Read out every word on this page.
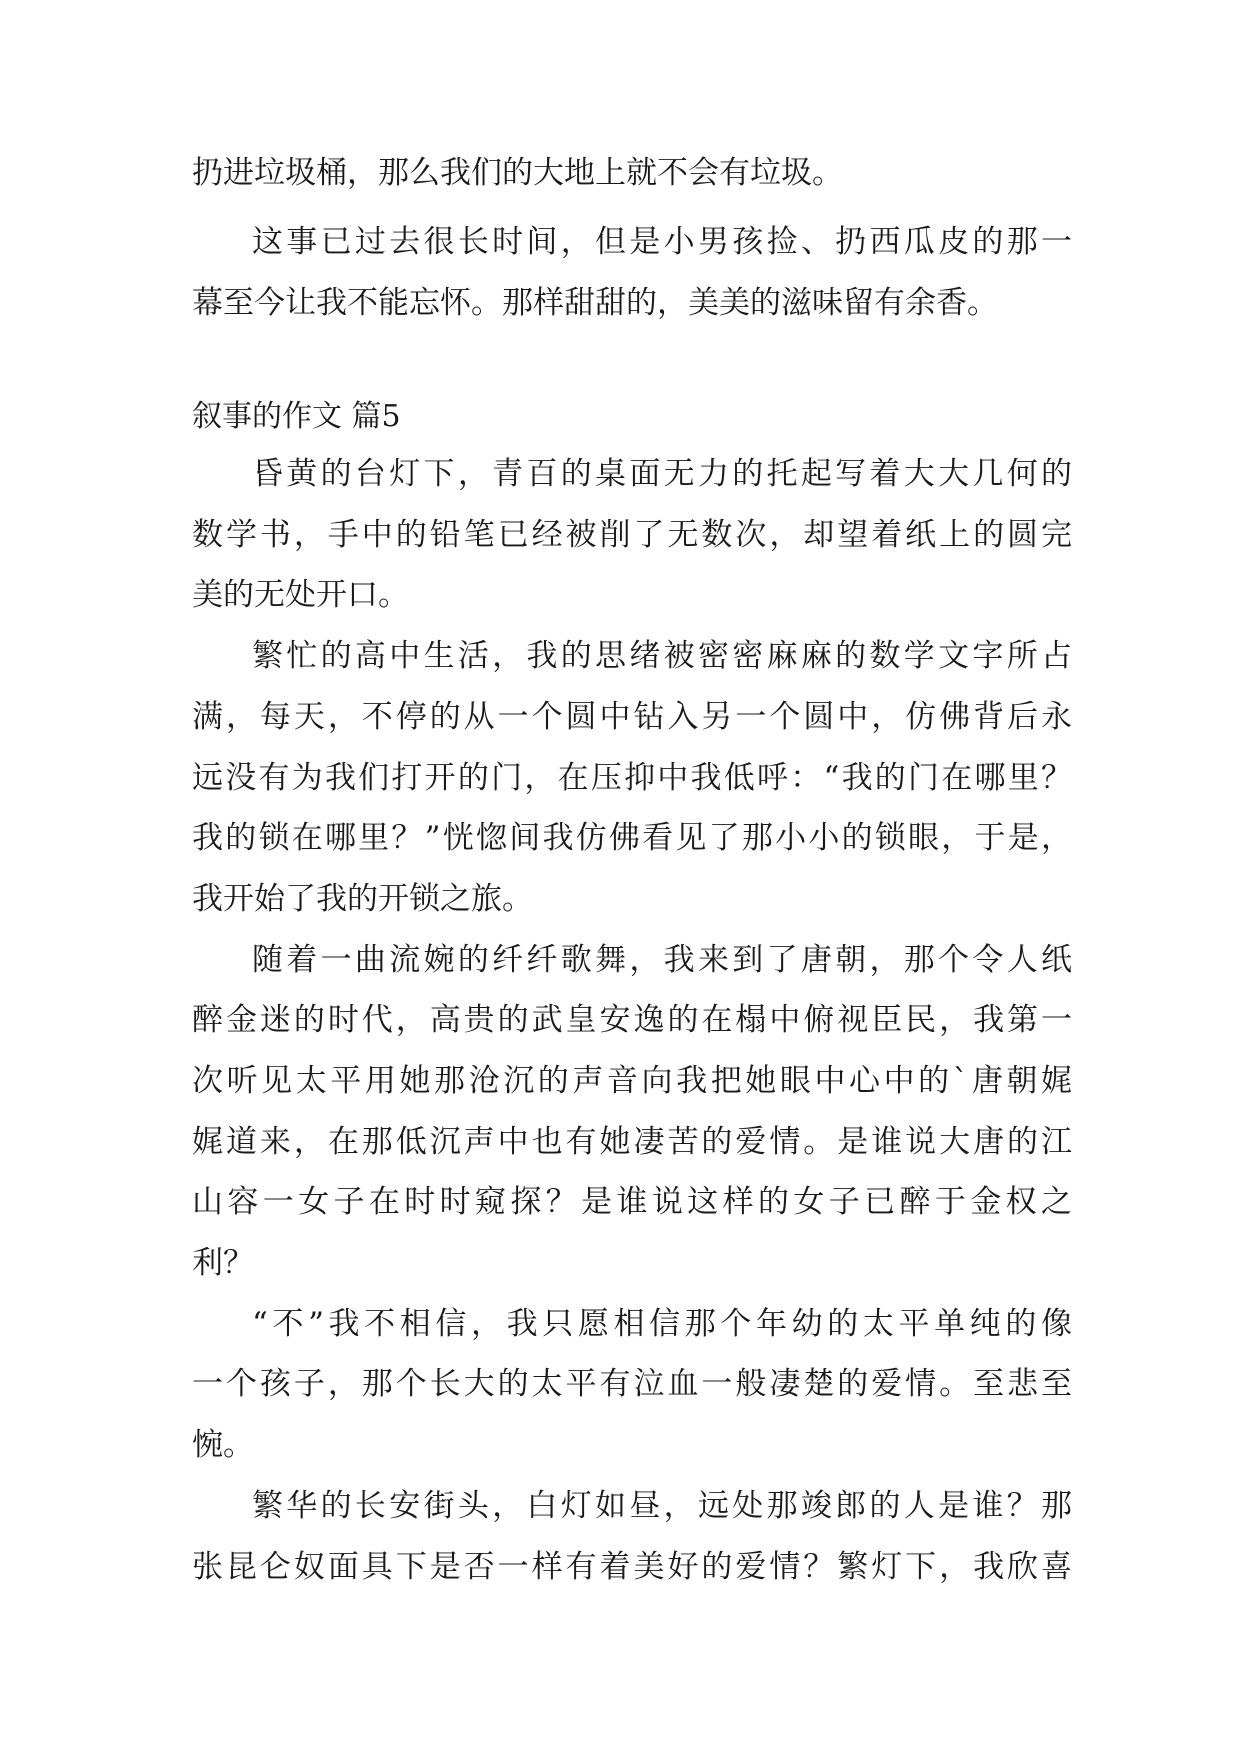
扔进垃圾桶，那么我们的大地上就不会有垃圾。
这事已过去很长时间，但是小男孩捡、扔西瓜皮的那一
幕至今让我不能忘怀。那样甜甜的，美美的滋味留有余香。
叙事的作文 篇5
昏黄的台灯下，青百的桌面无力的托起写着大大几何的
数学书，手中的铅笔已经被削了无数次，却望着纸上的圆完
美的无处开口。
繁忙的高中生活，我的思绪被密密麻麻的数学文字所占
满，每天，不停的从一个圆中钻入另一个圆中，仿佛背后永
远没有为我们打开的门，在压抑中我低呼：“我的门在哪里？
我的锁在哪里？”恍惚间我仿佛看见了那小小的锁眼，于是，
我开始了我的开锁之旅。
随着一曲流婉的纤纤歌舞，我来到了唐朝，那个令人纸
醉金迷的时代，高贵的武皇安逸的在榻中俯视臣民，我第一
次听见太平用她那沧沉的声音向我把她眼中心中的`唐朝娓
娓道来，在那低沉声中也有她凄苦的爱情。是谁说大唐的江
山容一女子在时时窥探？是谁说这样的女子已醉于金权之
利？
“不”我不相信，我只愿相信那个年幼的太平单纯的像
一个孩子，那个长大的太平有泣血一般凄楚的爱情。至悲至
惋。
繁华的长安街头，白灯如昼，远处那竣郎的人是谁？那
张昆仑奴面具下是否一样有着美好的爱情？繁灯下，我欣喜
